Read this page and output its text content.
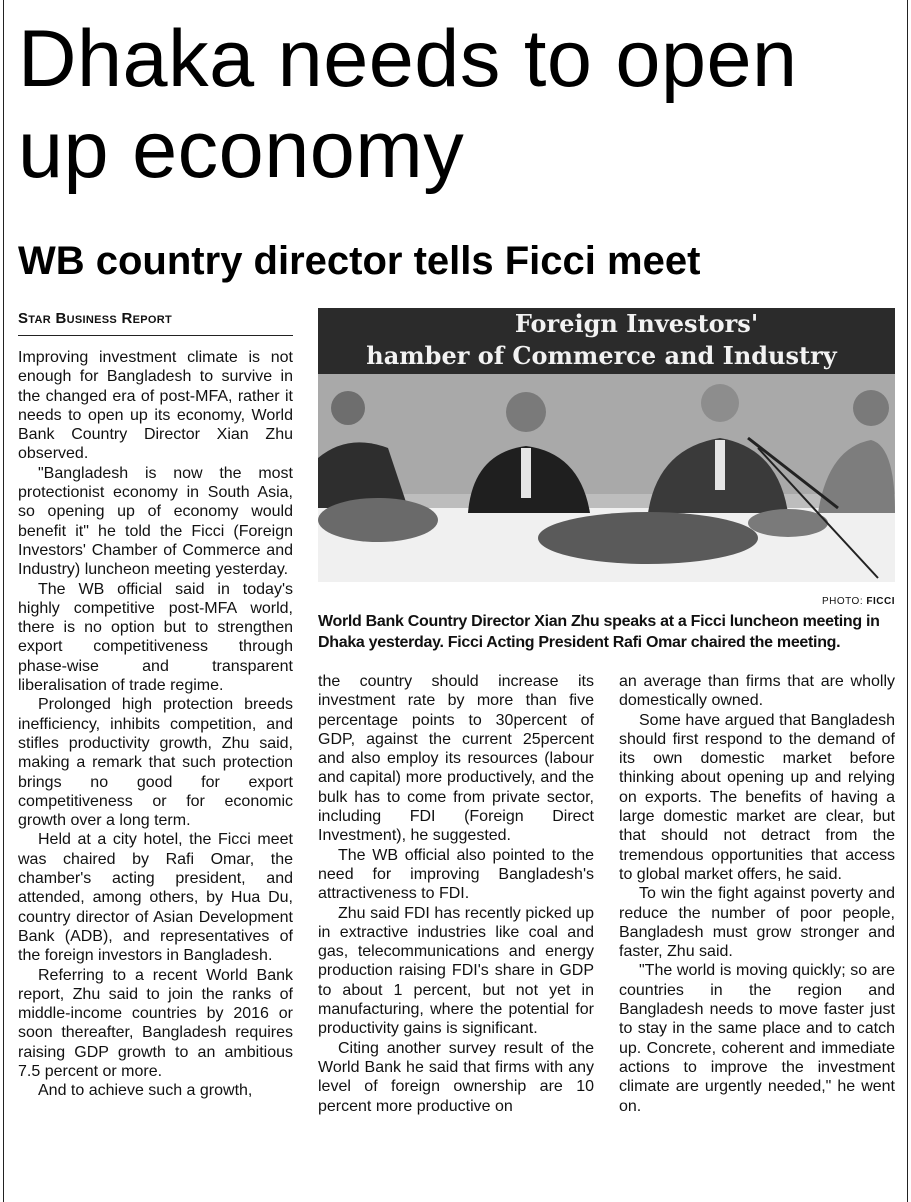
Dhaka needs to open up economy
WB country director tells Ficci meet
Star Business Report

Improving investment climate is not enough for Bangladesh to survive in the changed era of post-MFA, rather it needs to open up its economy, World Bank Country Director Xian Zhu observed.

"Bangladesh is now the most protectionist economy in South Asia, so opening up of economy would benefit it" he told the Ficci (Foreign Investors' Chamber of Commerce and Industry) luncheon meeting yesterday.

The WB official said in today's highly competitive post-MFA world, there is no option but to strengthen export competitiveness through phase-wise and transparent liberalisation of trade regime.

Prolonged high protection breeds inefficiency, inhibits competition, and stifles productivity growth, Zhu said, making a remark that such protection brings no good for export competitiveness or for economic growth over a long term.

Held at a city hotel, the Ficci meet was chaired by Rafi Omar, the chamber's acting president, and attended, among others, by Hua Du, country director of Asian Development Bank (ADB), and representatives of the foreign investors in Bangladesh.

Referring to a recent World Bank report, Zhu said to join the ranks of middle-income countries by 2016 or soon thereafter, Bangladesh requires raising GDP growth to an ambitious 7.5 percent or more.

And to achieve such a growth,

Foreign Investors'
hamber of Commerce and Industry
PHOTO: FICCI
World Bank Country Director Xian Zhu speaks at a Ficci luncheon meeting in Dhaka yesterday. Ficci Acting President Rafi Omar chaired the meeting.

the country should increase its investment rate by more than five percentage points to 30percent of GDP, against the current 25percent and also employ its resources (labour and capital) more productively, and the bulk has to come from private sector, including FDI (Foreign Direct Investment), he suggested.

The WB official also pointed to the need for improving Bangladesh's attractiveness to FDI.

Zhu said FDI has recently picked up in extractive industries like coal and gas, telecommunications and energy production raising FDI's share in GDP to about 1 percent, but not yet in manufacturing, where the potential for productivity gains is significant.

Citing another survey result of the World Bank he said that firms with any level of foreign ownership are 10 percent more productive on

an average than firms that are wholly domestically owned.

Some have argued that Bangladesh should first respond to the demand of its own domestic market before thinking about opening up and relying on exports. The benefits of having a large domestic market are clear, but that should not detract from the tremendous opportunities that access to global market offers, he said.

To win the fight against poverty and reduce the number of poor people, Bangladesh must grow stronger and faster, Zhu said.

"The world is moving quickly; so are countries in the region and Bangladesh needs to move faster just to stay in the same place and to catch up. Concrete, coherent and immediate actions to improve the investment climate are urgently needed," he went on.
